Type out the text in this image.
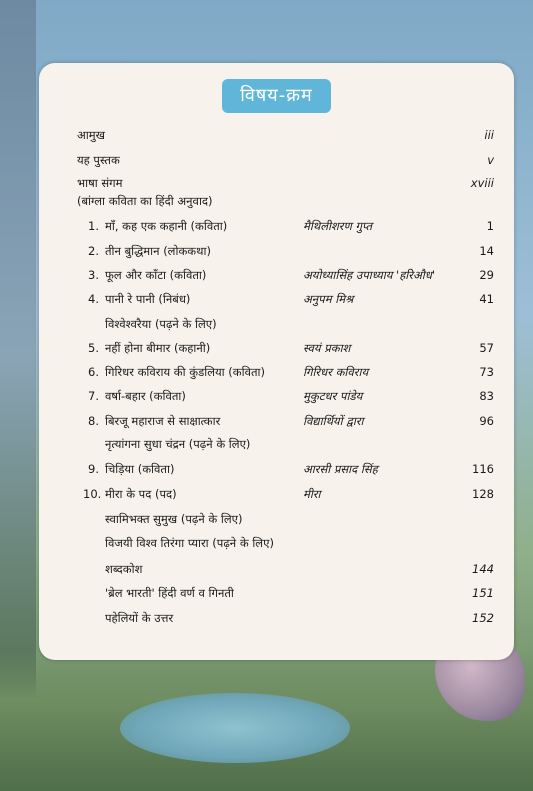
विषय-क्रम
आमुख	iii
यह पुस्तक	v
भाषा संगम	xviii
(बांग्ला कविता का हिंदी अनुवाद)
1. माँ, कह एक कहानी (कविता)	मैथिलीशरण गुप्त	1
2. तीन बुद्धिमान (लोककथा)	14
3. फूल और काँटा (कविता)	अयोध्यासिंह उपाध्याय 'हरिऔध'	29
4. पानी रे पानी (निबंध)	अनुपम मिश्र	41
विश्वेश्वरैया (पढ़ने के लिए)
5. नहीं होना बीमार (कहानी)	स्वयं प्रकाश	57
6. गिरिधर कविराय की कुंडलिया (कविता)	गिरिधर कविराय	73
7. वर्षा-बहार (कविता)	मुकुटधर पांडेय	83
8. बिरजू महाराज से साक्षात्कार	विद्यार्थियों द्वारा	96
नृत्यांगना सुधा चंद्रन (पढ़ने के लिए)
9. चिड़िया (कविता)	आरसी प्रसाद सिंह	116
10. मीरा के पद (पद)	मीरा	128
स्वामिभक्त सुमुख (पढ़ने के लिए)
विजयी विश्व तिरंगा प्यारा (पढ़ने के लिए)
शब्दकोश	144
'ब्रेल भारती' हिंदी वर्ण व गिनती	151
पहेलियों के उत्तर	152
